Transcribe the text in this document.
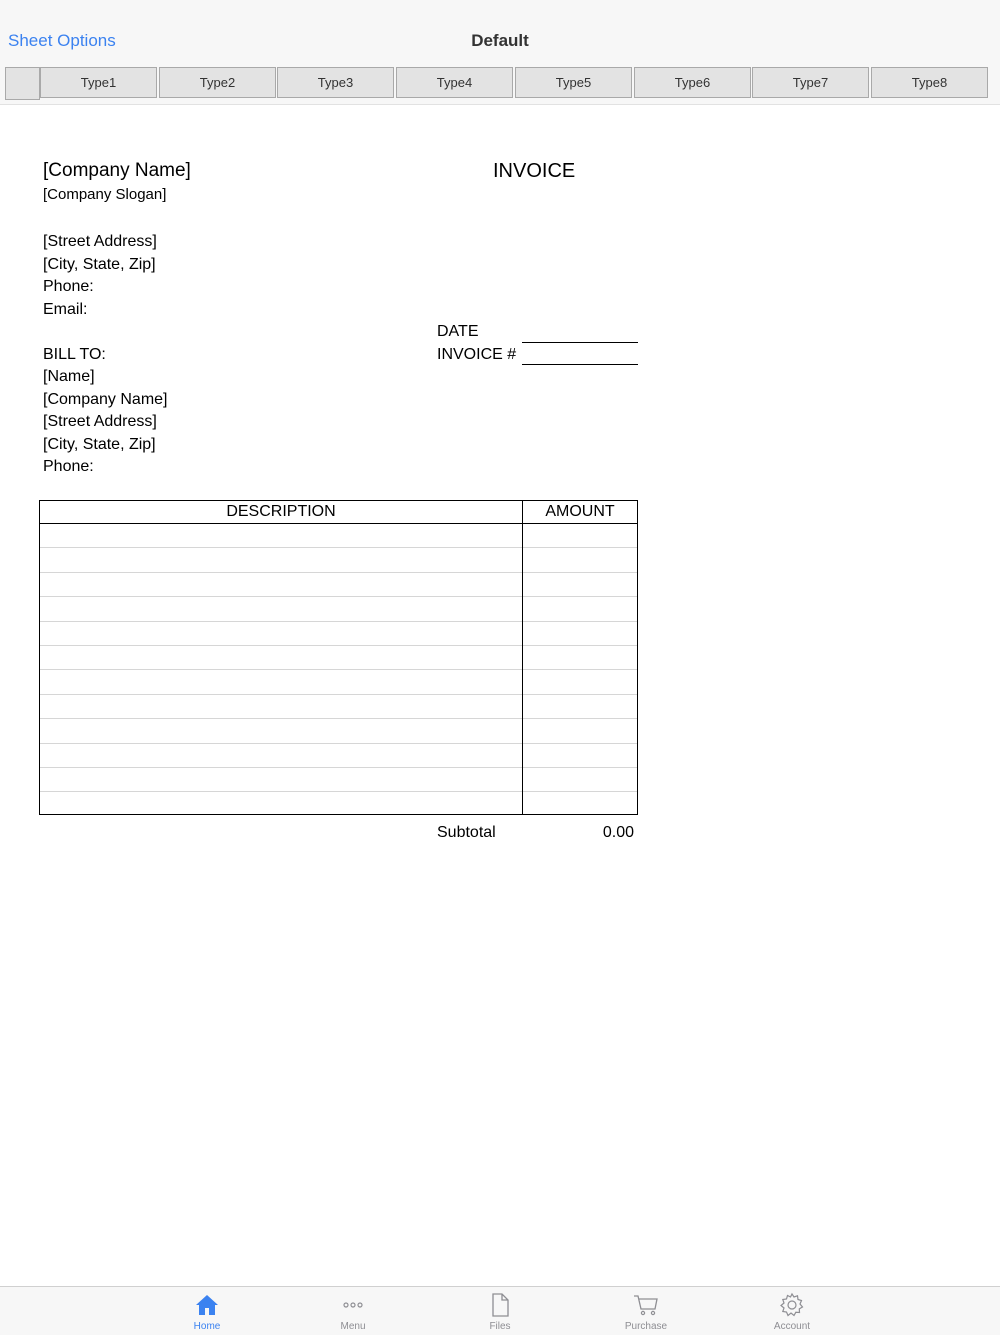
Sheet Options	Default
Type1	Type2	Type3	Type4	Type5	Type6	Type7	Type8
[Company Name]	INVOICE
[Company Slogan]
[Street Address]
[City, State, Zip]
Phone:
Email:
DATE
INVOICE #
BILL TO:
[Name]
[Company Name]
[Street Address]
[City, State, Zip]
Phone:
DESCRIPTION	AMOUNT
Subtotal	0.00
Home	Menu	Files	Purchase	Account
